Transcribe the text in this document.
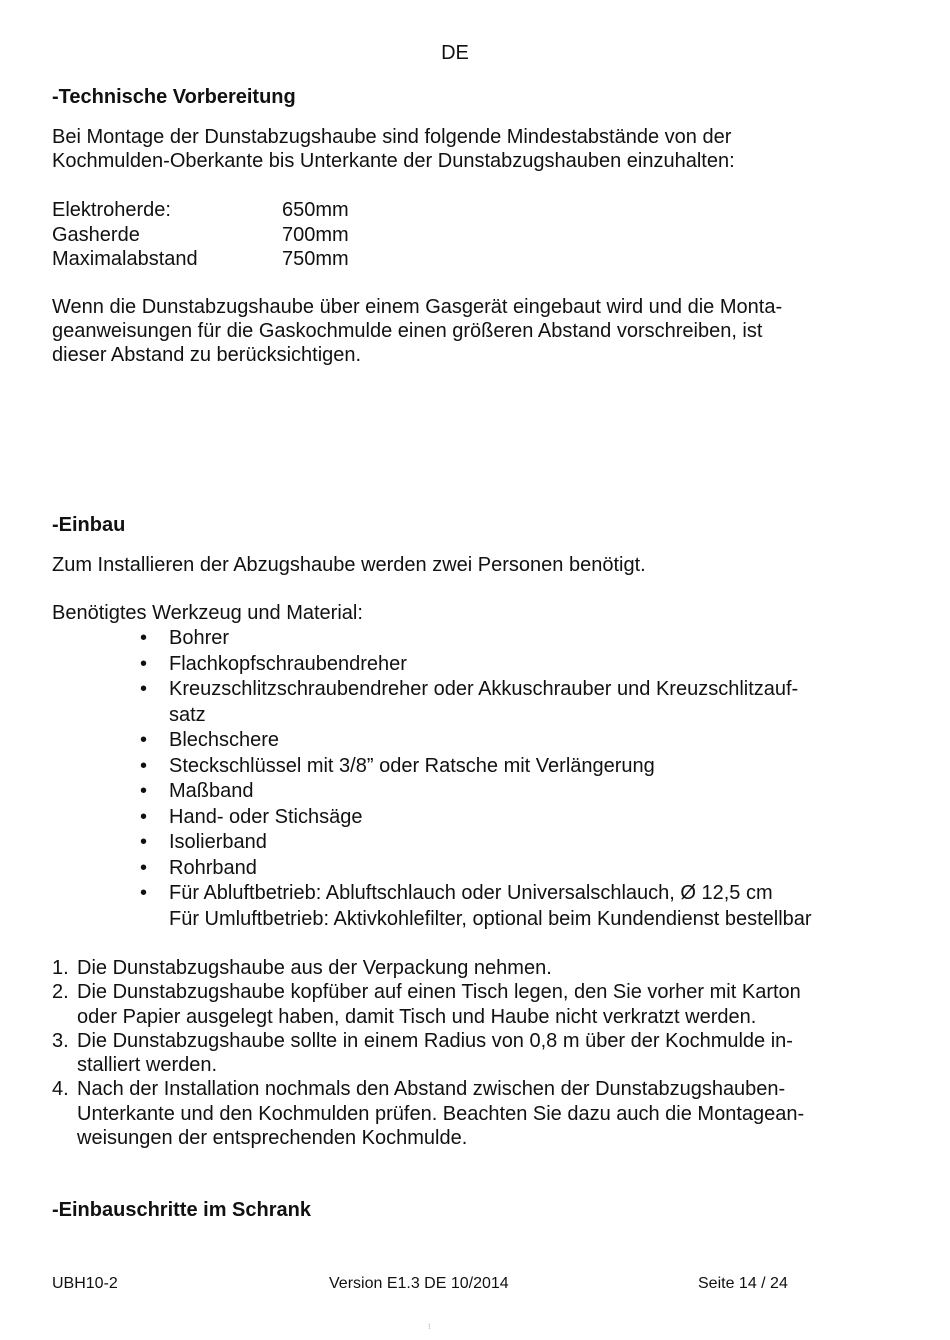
DE
-Technische Vorbereitung
Bei Montage der Dunstabzugshaube sind folgende Mindestabstände von der
Kochmulden-Oberkante bis Unterkante der Dunstabzugshauben einzuhalten:
Elektroherde:	650mm
Gasherde	700mm
Maximalabstand	750mm
Wenn die Dunstabzugshaube über einem Gasgerät eingebaut wird und die Monta-
geanweisungen für die Gaskochmulde einen größeren Abstand vorschreiben, ist
dieser Abstand zu berücksichtigen.
-Einbau
Zum Installieren der Abzugshaube werden zwei Personen benötigt.
Benötigtes Werkzeug und Material:
• Bohrer
• Flachkopfschraubendreher
• Kreuzschlitzschraubendreher oder Akkuschrauber und Kreuzschlitzauf-
satz
• Blechschere
• Steckschlüssel mit 3/8” oder Ratsche mit Verlängerung
• Maßband
• Hand- oder Stichsäge
• Isolierband
• Rohrband
• Für Abluftbetrieb: Abluftschlauch oder Universalschlauch, Ø 12,5 cm
Für Umluftbetrieb: Aktivkohlefilter, optional beim Kundendienst bestellbar
1. Die Dunstabzugshaube aus der Verpackung nehmen.
2. Die Dunstabzugshaube kopfüber auf einen Tisch legen, den Sie vorher mit Karton
oder Papier ausgelegt haben, damit Tisch und Haube nicht verkratzt werden.
3. Die Dunstabzugshaube sollte in einem Radius von 0,8 m über der Kochmulde in-
stalliert werden.
4. Nach der Installation nochmals den Abstand zwischen der Dunstabzugshauben-
Unterkante und den Kochmulden prüfen. Beachten Sie dazu auch die Montagean-
weisungen der entsprechenden Kochmulde.
-Einbauschritte im Schrank
UBH10-2	Version E1.3 DE 10/2014	Seite 14 / 24
⁝
